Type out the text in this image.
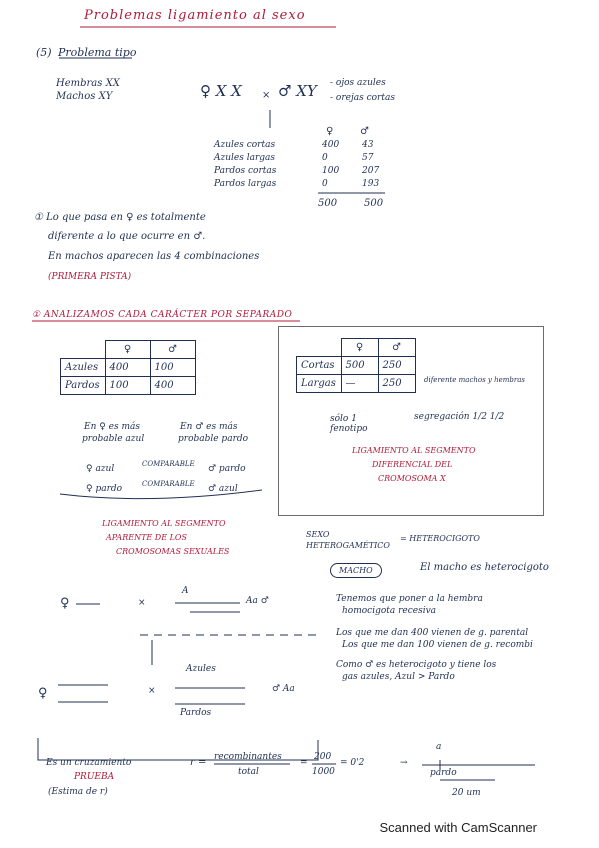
Problemas ligamiento al sexo
(5) Problema tipo
Hembras XX
Machos XY	♀ X X × ♂ XY - ojos azules
- orejas cortas
♀	♂
Azules cortas	400	43
Azules largas	0	57
Pardos cortas	100	207
Pardos largas	0	193
500	500
① Lo que pasa en ♀ es totalmente
diferente a lo que ocurre en ♂.
En machos aparecen las 4 combinaciones
(PRIMERA PISTA)
① ANALIZAMOS CADA CARÁCTER POR SEPARADO
	♀	♂
Azules	400	100
Pardos	100	400
En ♀ es más
probable azul
En ♂ es más
probable pardo
♀ azul	COMPARABLE ♂ pardo
♀ pardo	COMPARABLE ♂ azul
	♀	♂
Cortas	500	250
Largas	—	250	diferente machos y hembras
sólo 1 fenotipo
segregación 1/2 1/2
LIGAMIENTO AL SEGMENTO
DIFERENCIAL DEL
CROMOSOMA X
LIGAMIENTO AL SEGMENTO
APARENTE DE LOS
CROMOSOMAS SEXUALES
SEXO
HETEROGAMÉTICO
= HETEROCIGOTO
MACHO	El macho es heterocigoto
Tenemos que poner a la hembra
homocigota recesiva
Los que me dan 400 vienen de g. parental
Los que me dan 100 vienen de g. recombi
Como ♂ es heterocigoto y tiene los
gas azules, Azul > Pardo
♀	×
A
Aa ♂
♀	×
Azules
Pardos
♂ Aa
Es un cruzamiento
PRUEBA
(Estima de r)
r = recombinantes
total
=
200
1000
= 0'2	→
a
pardo
20 um
Scanned with CamScanner
